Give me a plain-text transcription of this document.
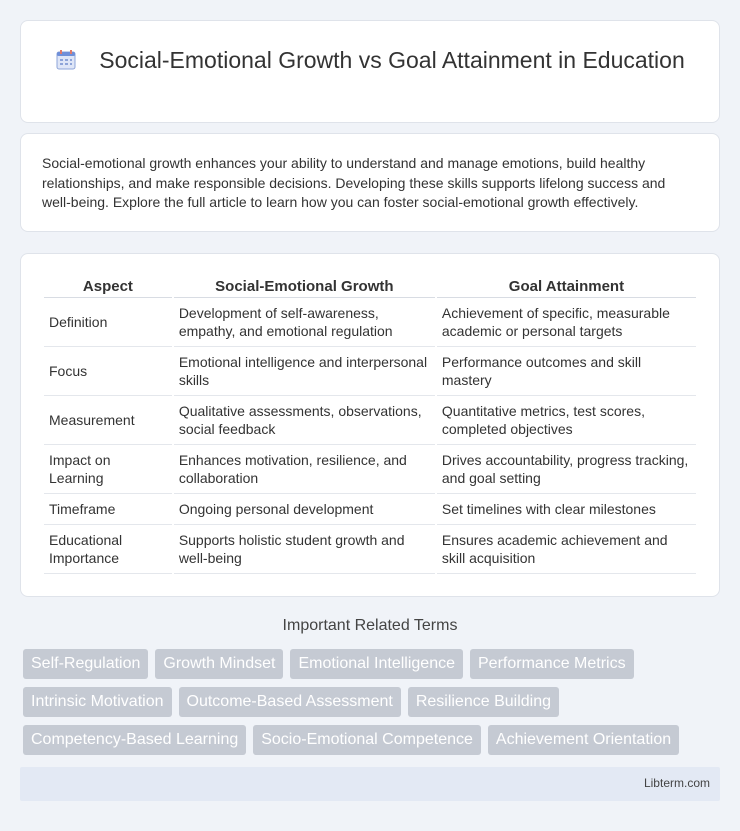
Social-Emotional Growth vs Goal Attainment in Education

Social-emotional growth enhances your ability to understand and manage emotions, build healthy relationships, and make responsible decisions. Developing these skills supports lifelong success and well-being. Explore the full article to learn how you can foster social-emotional growth effectively.

Aspect	Social-Emotional Growth	Goal Attainment
Definition	Development of self-awareness, empathy, and emotional regulation	Achievement of specific, measurable academic or personal targets
Focus	Emotional intelligence and interpersonal skills	Performance outcomes and skill mastery
Measurement	Qualitative assessments, observations, social feedback	Quantitative metrics, test scores, completed objectives
Impact on Learning	Enhances motivation, resilience, and collaboration	Drives accountability, progress tracking, and goal setting
Timeframe	Ongoing personal development	Set timelines with clear milestones
Educational Importance	Supports holistic student growth and well-being	Ensures academic achievement and skill acquisition
Important Related Terms
Self-Regulation	Growth Mindset	Emotional Intelligence	Performance Metrics
Intrinsic Motivation	Outcome-Based Assessment	Resilience Building
Competency-Based Learning	Socio-Emotional Competence	Achievement Orientation
Libterm.com
